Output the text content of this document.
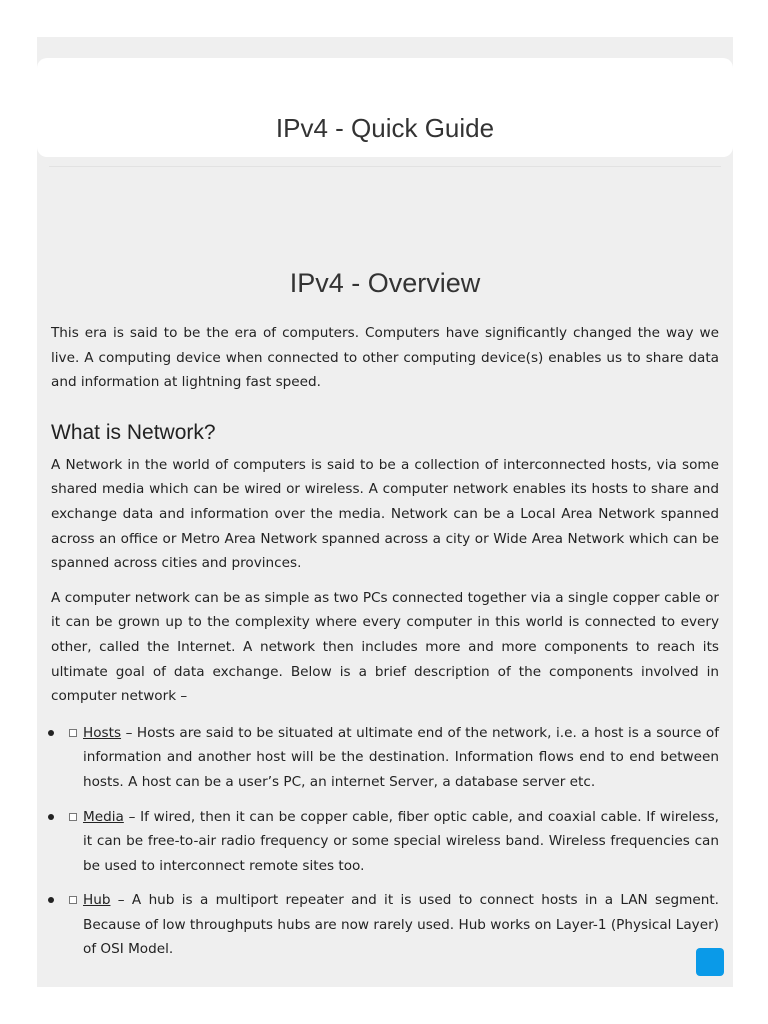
IPv4 - Quick Guide
IPv4 - Overview

This era is said to be the era of computers. Computers have significantly changed the way we live. A computing device when connected to other computing device(s) enables us to share data and information at lightning fast speed.

What is Network?

A Network in the world of computers is said to be a collection of interconnected hosts, via some shared media which can be wired or wireless. A computer network enables its hosts to share and exchange data and information over the media. Network can be a Local Area Network spanned across an office or Metro Area Network spanned across a city or Wide Area Network which can be spanned across cities and provinces.

A computer network can be as simple as two PCs connected together via a single copper cable or it can be grown up to the complexity where every computer in this world is connected to every other, called the Internet. A network then includes more and more components to reach its ultimate goal of data exchange. Below is a brief description of the components involved in computer network –

Hosts – Hosts are said to be situated at ultimate end of the network, i.e. a host is a source of information and another host will be the destination. Information flows end to end between hosts. A host can be a user’s PC, an internet Server, a database server etc.
Media – If wired, then it can be copper cable, fiber optic cable, and coaxial cable. If wireless, it can be free-to-air radio frequency or some special wireless band. Wireless frequencies can be used to interconnect remote sites too.
Hub – A hub is a multiport repeater and it is used to connect hosts in a LAN segment. Because of low throughputs hubs are now rarely used. Hub works on Layer-1 (Physical Layer) of OSI Model.
